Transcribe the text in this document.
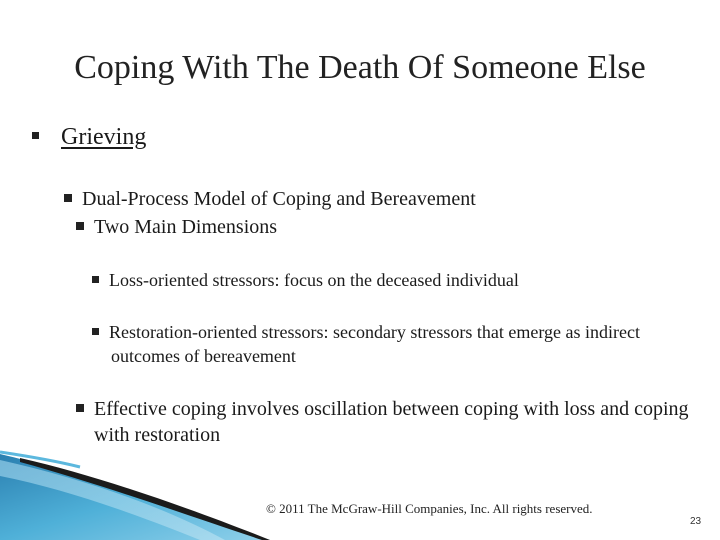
Coping With The Death Of Someone Else
Grieving
Dual-Process Model of Coping and Bereavement
Two Main Dimensions
Loss-oriented stressors: focus on the deceased individual
Restoration-oriented stressors: secondary stressors that emerge as indirect outcomes of bereavement
Effective coping involves oscillation between coping with loss and coping with restoration
© 2011 The McGraw-Hill Companies, Inc. All rights reserved.
23
